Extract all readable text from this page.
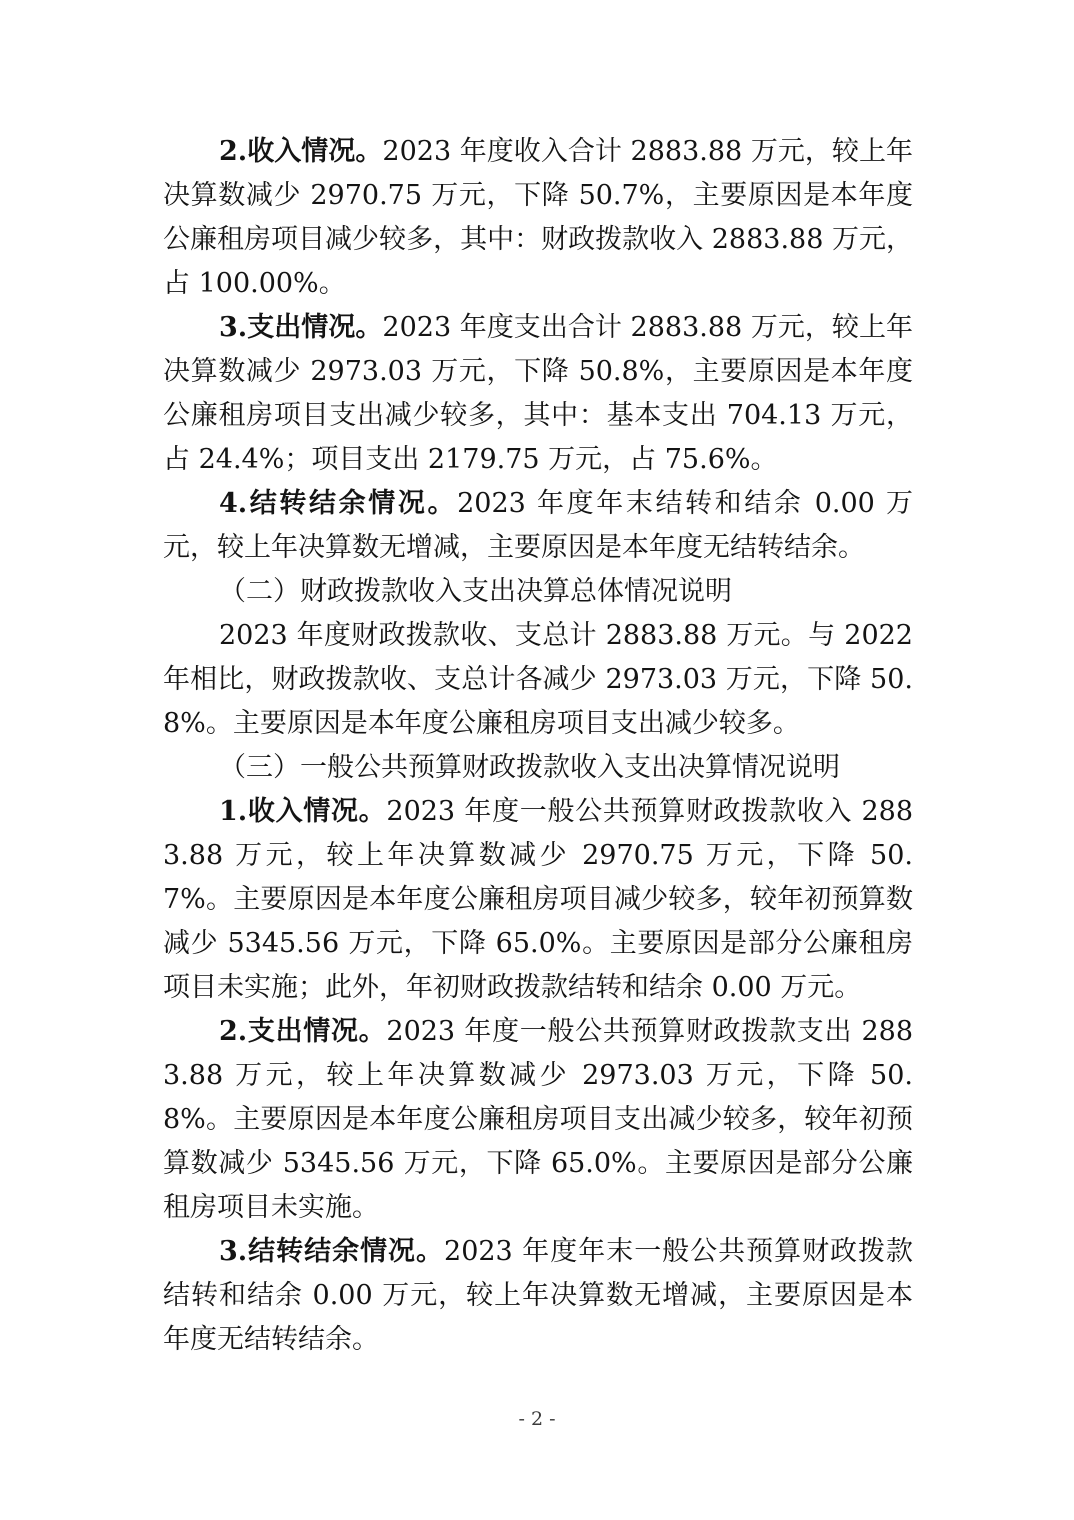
2.收入情况。2023 年度收入合计 2883.88 万元，较上年决算数减少 2970.75 万元，下降 50.7%，主要原因是本年度公廉租房项目减少较多，其中：财政拨款收入 2883.88 万元，占 100.00%。

3.支出情况。2023 年度支出合计 2883.88 万元，较上年决算数减少 2973.03 万元，下降 50.8%，主要原因是本年度公廉租房项目支出减少较多，其中：基本支出 704.13 万元，占 24.4%；项目支出 2179.75 万元，占 75.6%。

4.结转结余情况。2023 年度年末结转和结余 0.00 万元，较上年决算数无增减，主要原因是本年度无结转结余。

（二）财政拨款收入支出决算总体情况说明

2023 年度财政拨款收、支总计 2883.88 万元。与 2022 年相比，财政拨款收、支总计各减少 2973.03 万元，下降 50.8%。主要原因是本年度公廉租房项目支出减少较多。

（三）一般公共预算财政拨款收入支出决算情况说明

1.收入情况。2023 年度一般公共预算财政拨款收入 2883.88 万元，较上年决算数减少 2970.75 万元，下降 50.7%。主要原因是本年度公廉租房项目减少较多，较年初预算数减少 5345.56 万元，下降 65.0%。主要原因是部分公廉租房项目未实施；此外，年初财政拨款结转和结余 0.00 万元。

2.支出情况。2023 年度一般公共预算财政拨款支出 2883.88 万元，较上年决算数减少 2973.03 万元，下降 50.8%。主要原因是本年度公廉租房项目支出减少较多，较年初预算数减少 5345.56 万元，下降 65.0%。主要原因是部分公廉租房项目未实施。

3.结转结余情况。2023 年度年末一般公共预算财政拨款结转和结余 0.00 万元，较上年决算数无增减，主要原因是本年度无结转结余。

- 2 -
